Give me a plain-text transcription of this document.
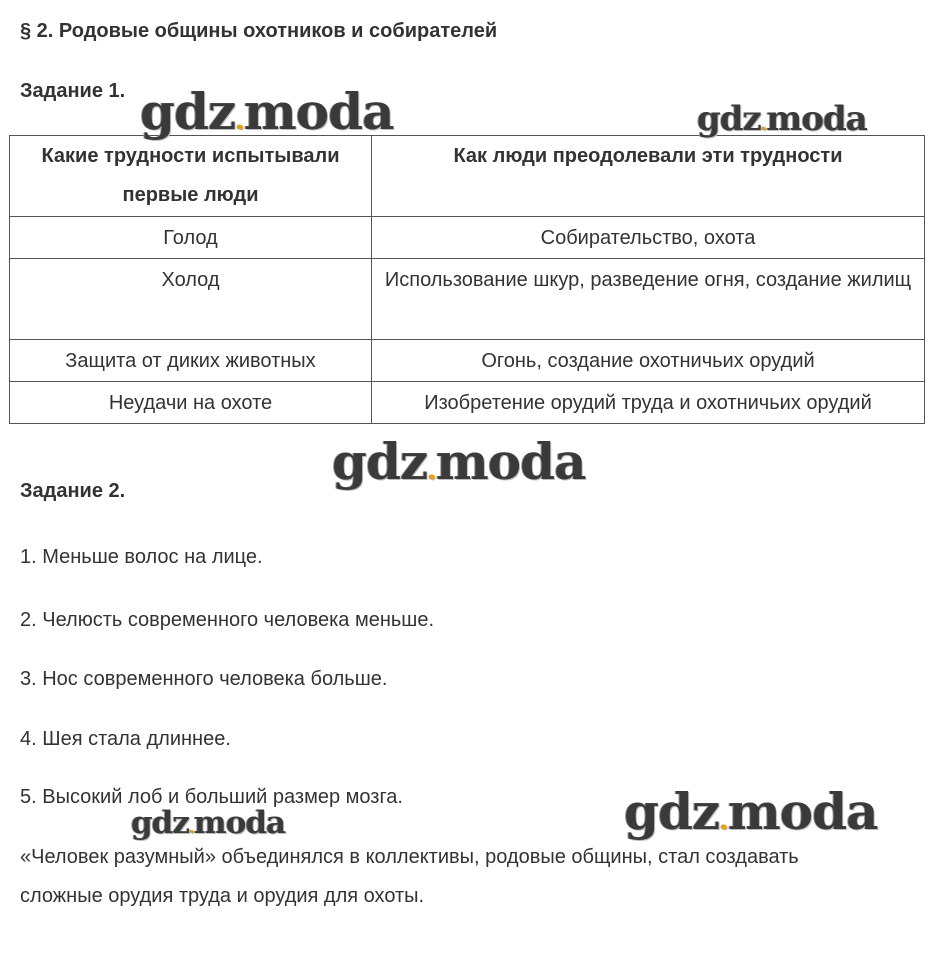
§ 2. Родовые общины охотников и собирателей

Задание 1.

Какие трудности испытывали первые люди	Как люди преодолевали эти трудности
Голод	Собирательство, охота
Холод	Использование шкур, разведение огня, создание жилищ
Защита от диких животных	Огонь, создание охотничьих орудий
Неудачи на охоте	Изобретение орудий труда и охотничьих орудий

Задание 2.

1. Меньше волос на лице.

2. Челюсть современного человека меньше.

3. Нос современного человека больше.

4. Шея стала длиннее.

5. Высокий лоб и больший размер мозга.

«Человек разумный» объединялся в коллективы, родовые общины, стал создавать сложные орудия труда и орудия для охоты.

gdz.moda	gdz.moda
gdz.moda
gdz.moda
gdz.moda
